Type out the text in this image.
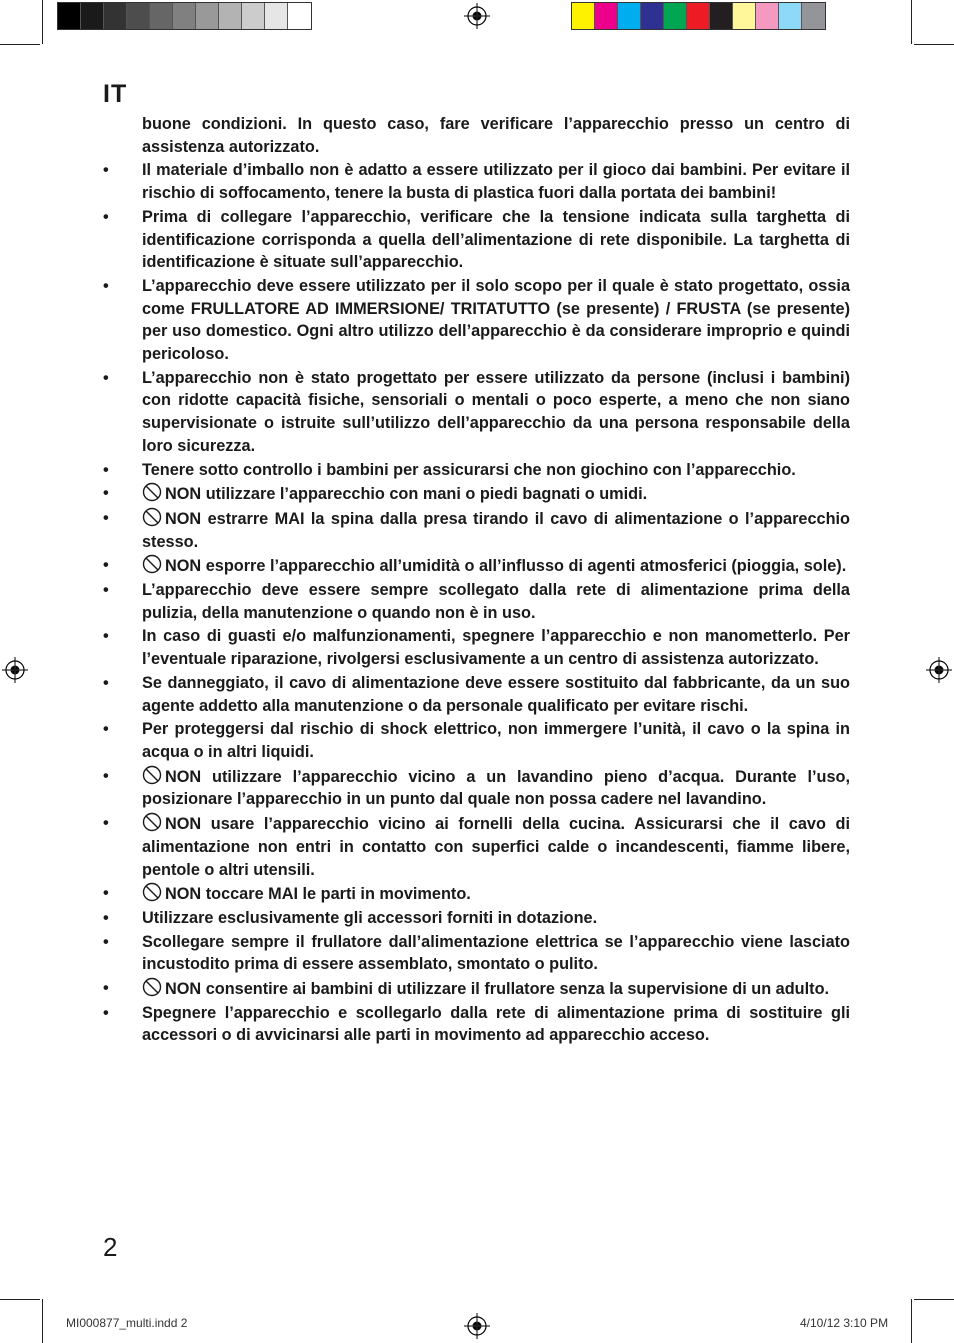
IT
buone condizioni. In questo caso, fare verificare l’apparecchio presso un centro di assistenza autorizzato.
•	Il materiale d’imballo non è adatto a essere utilizzato per il gioco dai bambini. Per evitare il rischio di soffocamento, tenere la busta di plastica fuori dalla portata dei bambini!
•	Prima di collegare l’apparecchio, verificare che la tensione indicata sulla targhetta di identificazione corrisponda a quella dell’alimentazione di rete disponibile. La targhetta di identificazione è situate sull’apparecchio.
•	L’apparecchio deve essere utilizzato per il solo scopo per il quale è stato progettato, ossia come FRULLATORE AD IMMERSIONE/ TRITATUTTO (se presente) / FRUSTA (se presente) per uso domestico. Ogni altro utilizzo dell’apparecchio è da considerare improprio e quindi pericoloso.
•	L’apparecchio non è stato progettato per essere utilizzato da persone (inclusi i bambini) con ridotte capacità fisiche, sensoriali o mentali o poco esperte, a meno che non siano supervisionate o istruite sull’utilizzo dell’apparecchio da una persona responsabile della loro sicurezza.
•	Tenere sotto controllo i bambini per assicurarsi che non giochino con l’apparecchio.
•	NON utilizzare l’apparecchio con mani o piedi bagnati o umidi.
•	NON estrarre MAI la spina dalla presa tirando il cavo di alimentazione o l’apparecchio stesso.
•	NON esporre l’apparecchio all’umidità o all’influsso di agenti atmosferici (pioggia, sole).
•	L’apparecchio deve essere sempre scollegato dalla rete di alimentazione prima della pulizia, della manutenzione o quando non è in uso.
•	In caso di guasti e/o malfunzionamenti, spegnere l’apparecchio e non manometterlo. Per l’eventuale riparazione, rivolgersi esclusivamente a un centro di assistenza autorizzato.
•	Se danneggiato, il cavo di alimentazione deve essere sostituito dal fabbricante, da un suo agente addetto alla manutenzione o da personale qualificato per evitare rischi.
•	Per proteggersi dal rischio di shock elettrico, non immergere l’unità, il cavo o la spina in acqua o in altri liquidi.
•	NON utilizzare l’apparecchio vicino a un lavandino pieno d’acqua. Durante l’uso, posizionare l’apparecchio in un punto dal quale non possa cadere nel lavandino.
•	NON usare l’apparecchio vicino ai fornelli della cucina. Assicurarsi che il cavo di alimentazione non entri in contatto con superfici calde o incandescenti, fiamme libere, pentole o altri utensili.
•	NON toccare MAI le parti in movimento.
•	Utilizzare esclusivamente gli accessori forniti in dotazione.
•	Scollegare sempre il frullatore dall’alimentazione elettrica se l’apparecchio viene lasciato incustodito prima di essere assemblato, smontato o pulito.
•	NON consentire ai bambini di utilizzare il frullatore senza la supervisione di un adulto.
•	Spegnere l’apparecchio e scollegarlo dalla rete di alimentazione prima di sostituire gli accessori o di avvicinarsi alle parti in movimento ad apparecchio acceso.
2
MI000877_multi.indd 2	4/10/12 3:10 PM
